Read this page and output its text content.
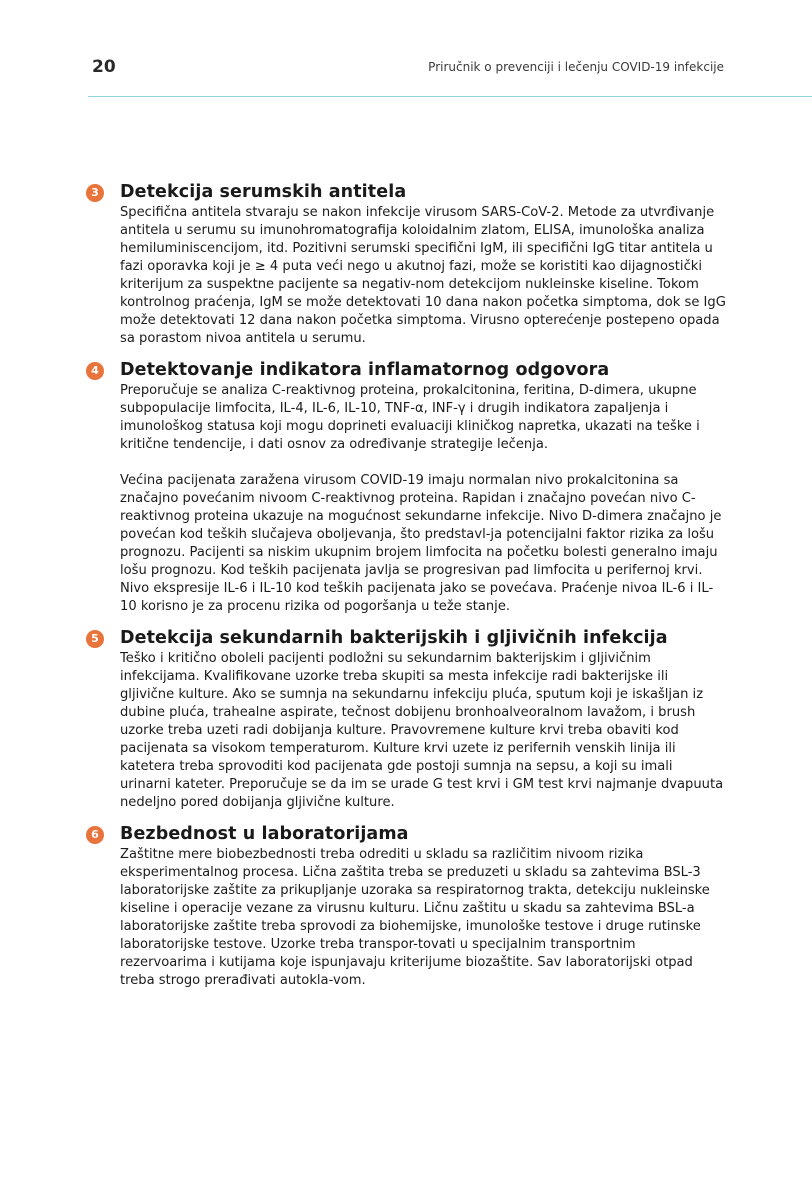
20	Priručnik o prevenciji i lečenju COVID-19 infekcije
3 Detekcija serumskih antitela

Specifična antitela stvaraju se nakon infekcije virusom SARS-CoV-2. Metode za utvrđivanje antitela u serumu su imunohromatografija koloidalnim zlatom, ELISA, imunološka analiza hemiluminiscencijom, itd. Pozitivni serumski specifični IgM, ili specifični IgG titar antitela u fazi oporavka koji je ≥ 4 puta veći nego u akutnoj fazi, može se koristiti kao dijagnostički kriterijum za suspektne pacijente sa negativ-nom detekcijom nukleinske kiseline. Tokom kontrolnog praćenja, IgM se može detektovati 10 dana nakon početka simptoma, dok se IgG može detektovati 12 dana nakon početka simptoma. Virusno opterećenje postepeno opada sa porastom nivoa antitela u serumu.

4 Detektovanje indikatora inflamatornog odgovora

Preporučuje se analiza C-reaktivnog proteina, prokalcitonina, feritina, D-dimera, ukupne subpopulacije limfocita, IL-4, IL-6, IL-10, TNF-α, INF-γ i drugih indikatora zapaljenja i imunološkog statusa koji mogu doprineti evaluaciji kliničkog napretka, ukazati na teške i kritične tendencije, i dati osnov za određivanje strategije lečenja.

Većina pacijenata zaražena virusom COVID-19 imaju normalan nivo prokalcitonina sa značajno povećanim nivoom C-reaktivnog proteina. Rapidan i značajno povećan nivo C-reaktivnog proteina ukazuje na mogućnost sekundarne infekcije. Nivo D-dimera značajno je povećan kod teških slučajeva obolјevanja, što predstavl-ja potencijalni faktor rizika za lošu prognozu. Pacijenti sa niskim ukupnim brojem limfocita na početku bolesti generalno imaju lošu prognozu. Kod teških pacijenata javlja se progresivan pad limfocita u perifernoj krvi. Nivo ekspresije IL-6 i IL-10 kod teških pacijenata jako se povećava. Praćenje nivoa IL-6 i IL-10 korisno je za procenu rizika od pogoršanja u teže stanje.

5 Detekcija sekundarnih bakterijskih i glјivičnih infekcija

Teško i kritično oboleli pacijenti podložni su sekundarnim bakterijskim i glјivičnim infekcijama. Kvalifikovane uzorke treba skupiti sa mesta infekcije radi bakterijske ili glјivične kulture. Ako se sumnja na sekundarnu infekciju pluća, sputum koji je iskašljan iz dubine pluća, trahealne aspirate, tečnost dobijenu bronhoalveoralnom lavažom, i brush uzorke treba uzeti radi dobijanja kulture. Pravovremene kulture krvi treba obaviti kod pacijenata sa visokom temperaturom. Kulture krvi uzete iz perifernih venskih linija ili katetera treba sprovoditi kod pacijenata gde postoji sumnja na sepsu, a koji su imali urinarni kateter. Preporučuje se da im se urade G test krvi i GM test krvi najmanje dvapuuta nedelјno pored dobijanja glјivične kulture.

6 Bezbednost u laboratorijama

Zaštitne mere biobezbednosti treba odrediti u skladu sa različitim nivoom rizika eksperimentalnog procesa. Lična zaštita treba se preduzeti u skladu sa zahtevima BSL-3 laboratorijske zaštite za prikuplјanje uzoraka sa respiratornog trakta, detekciju nukleinske kiseline i operacije vezane za virusnu kulturu. Ličnu zaštitu u skadu sa zahtevima BSL-a laboratorijske zaštite treba sprovodi za biohemijske, imunološke testove i druge rutinske laboratorijske testove. Uzorke treba transpor-tovati u specijalnim transportnim rezervoarima i kutijama koje ispunjavaju kriterijume biozaštite. Sav laboratorijski otpad treba strogo prerađivati autokla-vom.
